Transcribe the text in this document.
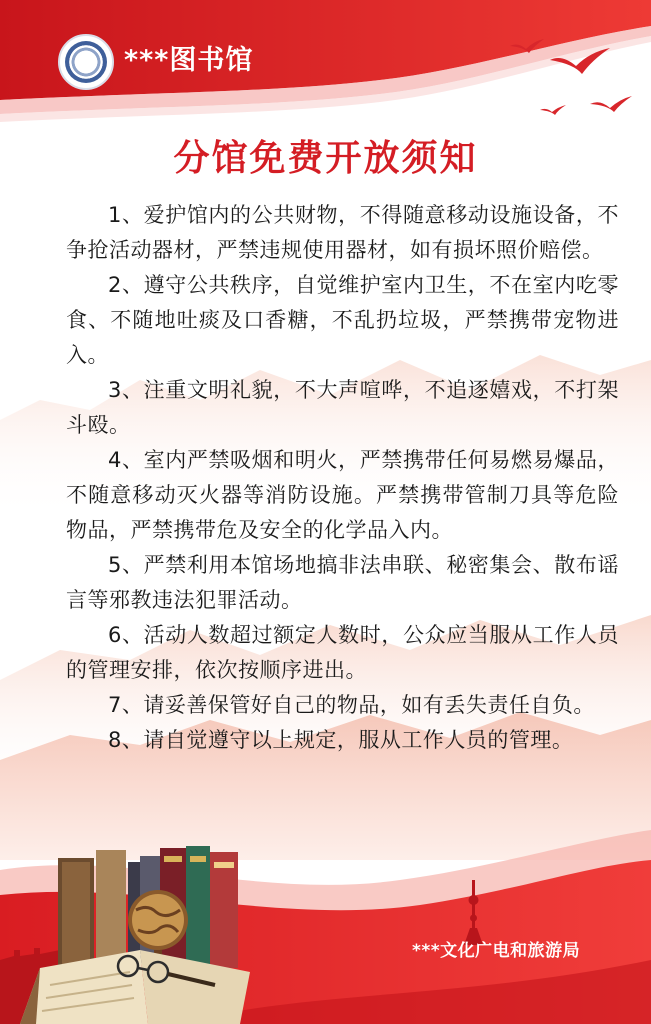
***图书馆
分馆免费开放须知

1、爱护馆内的公共财物，不得随意移动设施设备，不争抢活动器材，严禁违规使用器材，如有损坏照价赔偿。

2、遵守公共秩序，自觉维护室内卫生，不在室内吃零食、不随地吐痰及口香糖，不乱扔垃圾，严禁携带宠物进入。

3、注重文明礼貌，不大声喧哗，不追逐嬉戏，不打架斗殴。

4、室内严禁吸烟和明火，严禁携带任何易燃易爆品，不随意移动灭火器等消防设施。严禁携带管制刀具等危险物品，严禁携带危及安全的化学品入内。

5、严禁利用本馆场地搞非法串联、秘密集会、散布谣言等邪教违法犯罪活动。

6、活动人数超过额定人数时，公众应当服从工作人员的管理安排，依次按顺序进出。

7、请妥善保管好自己的物品，如有丢失责任自负。

8、请自觉遵守以上规定，服从工作人员的管理。

***文化广电和旅游局
